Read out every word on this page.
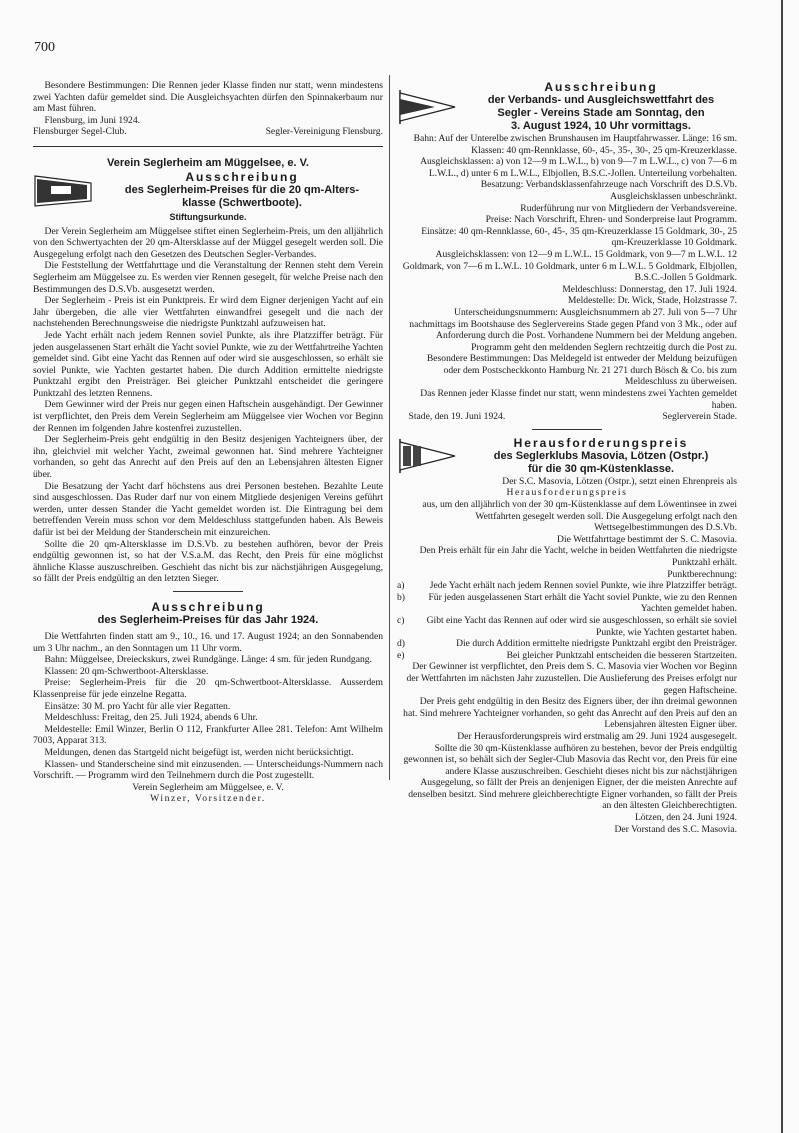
700

Besondere Bestimmungen: Die Rennen jeder Klasse finden nur statt, wenn mindestens zwei Yachten dafür gemeldet sind. Die Ausgleichsyachten dürfen den Spinnakerbaum nur am Mast führen.

Flensburg, im Juni 1924.

Flensburger Segel-Club.	Segler-Vereinigung Flensburg.
Verein Seglerheim am Müggelsee, e. V.
Ausschreibung
des Seglerheim-Preises für die 20 qm-Alters-
klasse (Schwertboote).
Stiftungsurkunde.

Der Verein Seglerheim am Müggelsee stiftet einen Seglerheim-Preis, um den alljährlich von den Schwertyachten der 20 qm-Altersklasse auf der Müggel gesegelt werden soll. Die Ausgegelung erfolgt nach den Gesetzen des Deutschen Segler-Verbandes.

Die Feststellung der Wettfahrttage und die Veranstaltung der Rennen steht dem Verein Seglerheim am Müggelsee zu. Es werden vier Rennen gesegelt, für welche Preise nach den Bestimmungen des D.S.Vb. ausgesetzt werden.

Der Seglerheim - Preis ist ein Punktpreis. Er wird dem Eigner derjenigen Yacht auf ein Jahr übergeben, die alle vier Wettfahrten einwandfrei gesegelt und die nach der nachstehenden Berechnungsweise die niedrigste Punktzahl aufzuweisen hat.

Jede Yacht erhält nach jedem Rennen soviel Punkte, als ihre Platzziffer beträgt. Für jeden ausgelassenen Start erhält die Yacht soviel Punkte, wie zu der Wettfahrtreihe Yachten gemeldet sind. Gibt eine Yacht das Rennen auf oder wird sie ausgeschlossen, so erhält sie soviel Punkte, wie Yachten gestartet haben. Die durch Addition ermittelte niedrigste Punktzahl ergibt den Preisträger. Bei gleicher Punktzahl entscheidet die geringere Punktzahl des letzten Rennens.

Dem Gewinner wird der Preis nur gegen einen Haftschein ausgehändigt. Der Gewinner ist verpflichtet, den Preis dem Verein Seglerheim am Müggelsee vier Wochen vor Beginn der Rennen im folgenden Jahre kostenfrei zuzustellen.

Der Seglerheim-Preis geht endgültig in den Besitz desjenigen Yachteigners über, der ihn, gleichviel mit welcher Yacht, zweimal gewonnen hat. Sind mehrere Yachteigner vorhanden, so geht das Anrecht auf den Preis auf den an Lebensjahren ältesten Eigner über.

Die Besatzung der Yacht darf höchstens aus drei Personen bestehen. Bezahlte Leute sind ausgeschlossen. Das Ruder darf nur von einem Mitgliede desjenigen Vereins geführt werden, unter dessen Stander die Yacht gemeldet worden ist. Die Eintragung bei dem betreffenden Verein muss schon vor dem Meldeschluss stattgefunden haben. Als Beweis dafür ist bei der Meldung der Standerschein mit einzureichen.

Sollte die 20 qm-Altersklasse im D.S.Vb. zu bestehen aufhören, bevor der Preis endgültig gewonnen ist, so hat der V.S.a.M. das Recht, den Preis für eine möglichst ähnliche Klasse auszuschreiben. Geschieht das nicht bis zur nächstjährigen Ausgegelung, so fällt der Preis endgültig an den letzten Sieger.

Ausschreibung
des Seglerheim-Preises für das Jahr 1924.

Die Wettfahrten finden statt am 9., 10., 16. und 17. August 1924; an den Sonnabenden um 3 Uhr nachm., an den Sonntagen um 11 Uhr vorm.

Bahn: Müggelsee, Dreieckskurs, zwei Rundgänge. Länge: 4 sm. für jeden Rundgang.

Klassen: 20 qm-Schwertboot-Altersklasse.

Preise: Seglerheim-Preis für die 20 qm-Schwertboot-Altersklasse. Ausserdem Klassenpreise für jede einzelne Regatta.

Einsätze: 30 M. pro Yacht für alle vier Regatten.

Meldeschluss: Freitag, den 25. Juli 1924, abends 6 Uhr.

Meldestelle: Emil Winzer, Berlin O 112, Frankfurter Allee 281. Telefon: Amt Wilhelm 7003, Apparat 313.

Meldungen, denen das Startgeld nicht beigefügt ist, werden nicht berücksichtigt.

Klassen- und Standerscheine sind mit einzusenden. — Unterscheidungs-Nummern nach Vorschrift. — Programm wird den Teilnehmern durch die Post zugestellt.

Verein Seglerheim am Müggelsee, e. V.

Winzer, Vorsitzender.

Ausschreibung
der Verbands- und Ausgleichswettfahrt des
Segler - Vereins Stade am Sonntag, den
3. August 1924, 10 Uhr vormittags.

Bahn: Auf der Unterelbe zwischen Brunshausen im Hauptfahrwasser. Länge: 16 sm.

Klassen: 40 qm-Rennklasse, 60-, 45-, 35-, 30-, 25 qm-Kreuzerklasse.

Ausgleichsklassen: a) von 12—9 m L.W.L., b) von 9—7 m L.W.L., c) von 7—6 m L.W.L., d) unter 6 m L.W.L., Elbjollen, B.S.C.-Jollen. Unterteilung vorbehalten.

Besatzung: Verbandsklassenfahrzeuge nach Vorschrift des D.S.Vb. Ausgleichsklassen unbeschränkt.

Ruderführung nur von Mitgliedern der Verbandsvereine.

Preise: Nach Vorschrift, Ehren- und Sonderpreise laut Programm.

Einsätze: 40 qm-Rennklasse, 60-, 45-, 35 qm-Kreuzerklasse 15 Goldmark, 30-, 25 qm-Kreuzerklasse 10 Goldmark.

Ausgleichsklassen: von 12—9 m L.W.L. 15 Goldmark, von 9—7 m L.W.L. 12 Goldmark, von 7—6 m L.W.L. 10 Goldmark, unter 6 m L.W.L. 5 Goldmark, Elbjollen, B.S.C.-Jollen 5 Goldmark.

Meldeschluss: Donnerstag, den 17. Juli 1924.

Meldestelle: Dr. Wick, Stade, Holzstrasse 7.

Unterscheidungsnummern: Ausgleichsnummern ab 27. Juli von 5—7 Uhr nachmittags im Bootshause des Seglervereins Stade gegen Pfand von 3 Mk., oder auf Anforderung durch die Post. Vorhandene Nummern bei der Meldung angeben.

Programm geht den meldenden Seglern rechtzeitig durch die Post zu.

Besondere Bestimmungen: Das Meldegeld ist entweder der Meldung beizufügen oder dem Postscheckkonto Hamburg Nr. 21 271 durch Bösch & Co. bis zum Meldeschluss zu überweisen.

Das Rennen jeder Klasse findet nur statt, wenn mindestens zwei Yachten gemeldet haben.

Stade, den 19. Juni 1924.	Seglerverein Stade.
Herausforderungspreis
des Seglerklubs Masovia, Lötzen (Ostpr.)
für die 30 qm-Küstenklasse.

Der S.C. Masovia, Lötzen (Ostpr.), setzt einen Ehrenpreis als

Herausforderungspreis

aus, um den alljährlich von der 30 qm-Küstenklasse auf dem Löwentinsee in zwei Wettfahrten gesegelt werden soll. Die Ausgegelung erfolgt nach den Wettsegelbestimmungen des D.S.Vb.

Die Wettfahrttage bestimmt der S. C. Masovia.

Den Preis erhält für ein Jahr die Yacht, welche in beiden Wettfahrten die niedrigste Punktzahl erhält.

Punktberechnung:

a)	Jede Yacht erhält nach jedem Rennen soviel Punkte, wie ihre Platzziffer beträgt.
b) Für jeden ausgelassenen Start erhält die Yacht soviel Punkte, wie zu den Rennen Yachten gemeldet haben.
c) Gibt eine Yacht das Rennen auf oder wird sie ausgeschlossen, so erhält sie soviel Punkte, wie Yachten gestartet haben.
d)	Die durch Addition ermittelte niedrigste Punktzahl ergibt den Preisträger.
e)	Bei gleicher Punktzahl entscheiden die besseren Startzeiten.

Der Gewinner ist verpflichtet, den Preis dem S. C. Masovia vier Wochen vor Beginn der Wettfahrten im nächsten Jahr zuzustellen. Die Auslieferung des Preises erfolgt nur gegen Haftscheine.

Der Preis geht endgültig in den Besitz des Eigners über, der ihn dreimal gewonnen hat. Sind mehrere Yachteigner vorhanden, so geht das Anrecht auf den Preis auf den an Lebensjahren ältesten Eigner über.

Der Herausforderungspreis wird erstmalig am 29. Juni 1924 ausgesegelt.

Sollte die 30 qm-Küstenklasse aufhören zu bestehen, bevor der Preis endgültig gewonnen ist, so behält sich der Segler-Club Masovia das Recht vor, den Preis für eine andere Klasse auszuschreiben. Geschieht dieses nicht bis zur nächstjährigen Ausgegelung, so fällt der Preis an denjenigen Eigner, der die meisten Anrechte auf denselben besitzt. Sind mehrere gleichberechtigte Eigner vorhanden, so fällt der Preis an den ältesten Gleichberechtigten.

Lötzen, den 24. Juni 1924.

Der Vorstand des S.C. Masovia.
